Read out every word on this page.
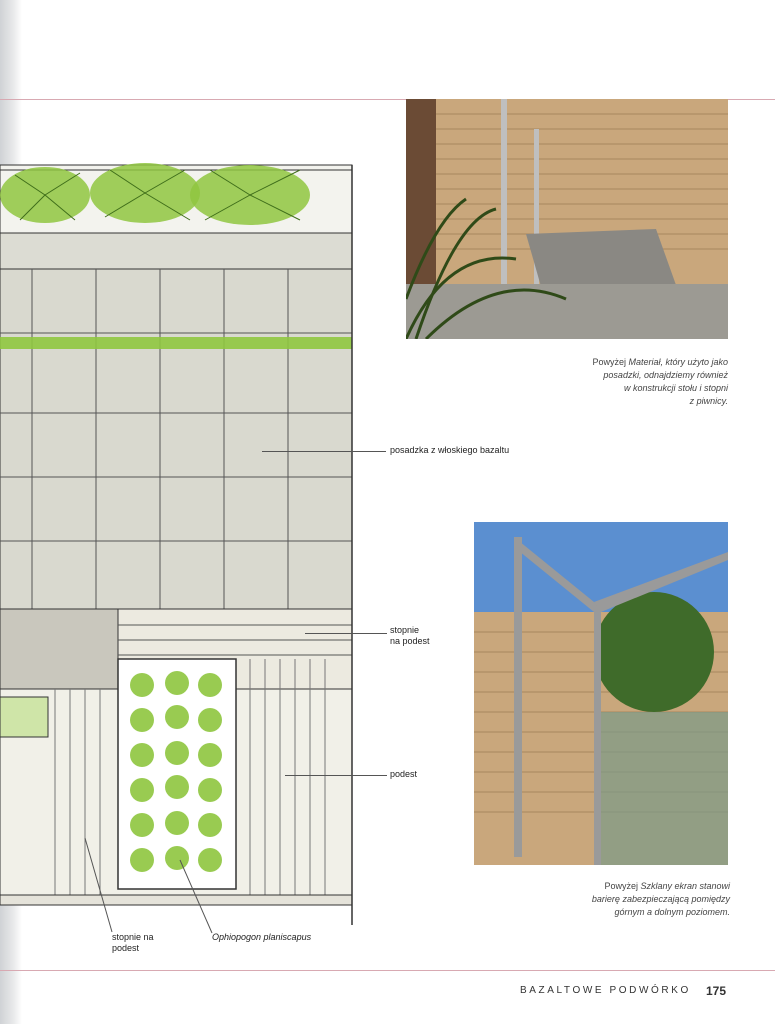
Powyżej Materiał, który użyto jako
posadzki, odnajdziemy również
w konstrukcji stołu i stopni
z piwnicy.
Powyżej Szklany ekran stanowi
barierę zabezpieczającą pomiędzy
górnym a dolnym poziomem.
posadzka z włoskiego bazaltu
stopnie
na podest
podest
stopnie na
podest
Ophiopogon planiscapus
BAZALTOWE PODWÓRKO 175
